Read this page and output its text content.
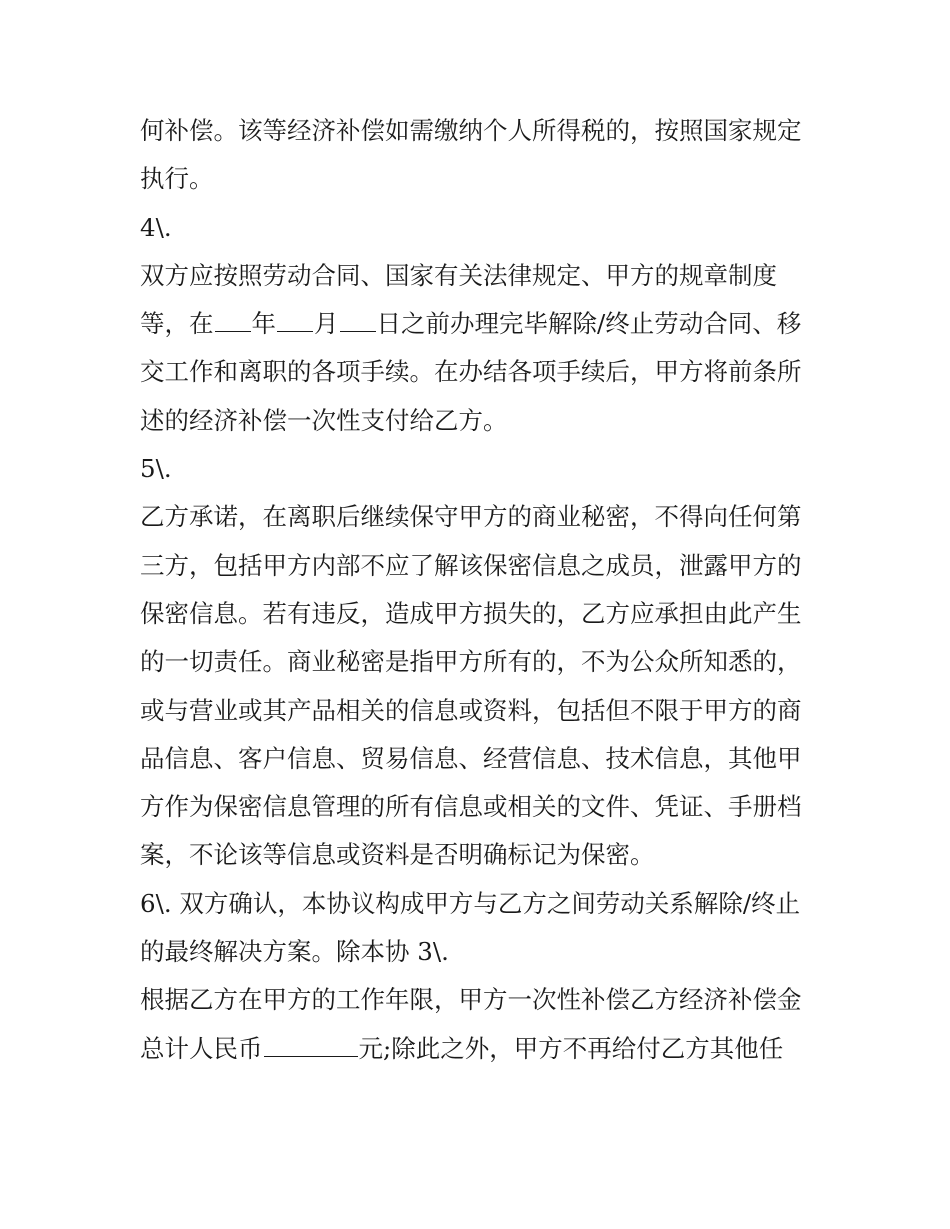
何补偿。该等经济补偿如需缴纳个人所得税的，按照国家规定
执行。
4\.
双方应按照劳动合同、国家有关法律规定、甲方的规章制度
等，在 年 月 日之前办理完毕解除/终止劳动合同、移
交工作和离职的各项手续。在办结各项手续后，甲方将前条所
述的经济补偿一次性支付给乙方。
5\.
乙方承诺，在离职后继续保守甲方的商业秘密，不得向任何第
三方，包括甲方内部不应了解该保密信息之成员，泄露甲方的
保密信息。若有违反，造成甲方损失的，乙方应承担由此产生
的一切责任。商业秘密是指甲方所有的，不为公众所知悉的，
或与营业或其产品相关的信息或资料，包括但不限于甲方的商
品信息、客户信息、贸易信息、经营信息、技术信息，其他甲
方作为保密信息管理的所有信息或相关的文件、凭证、手册档
案，不论该等信息或资料是否明确标记为保密。
6\. 双方确认，本协议构成甲方与乙方之间劳动关系解除/终止
的最终解决方案。除本协 3\.
根据乙方在甲方的工作年限，甲方一次性补偿乙方经济补偿金
总计人民币	元;除此之外，甲方不再给付乙方其他任
